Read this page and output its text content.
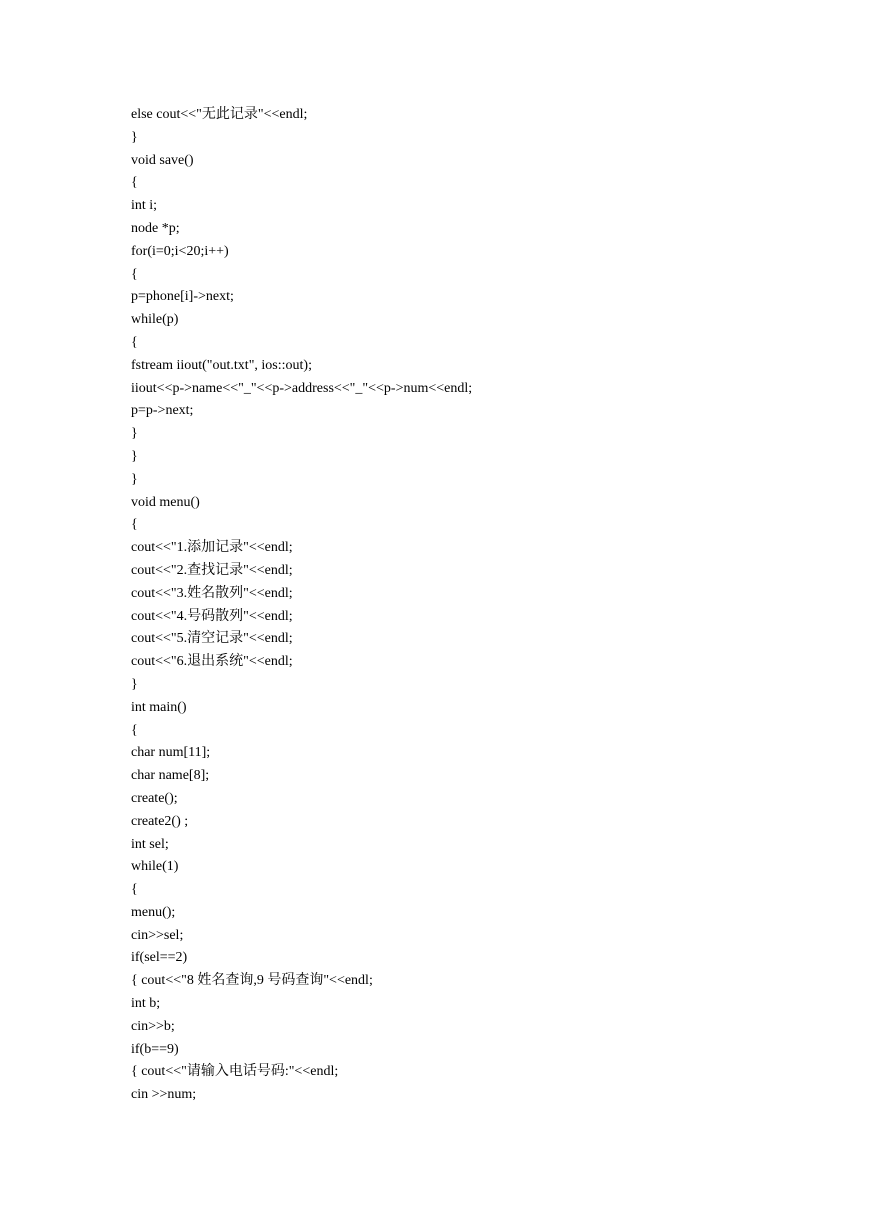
else cout<<"无此记录"<<endl;
}
void save()
{
int i;
node *p;
for(i=0;i<20;i++)
{
p=phone[i]->next;
while(p)
{
fstream iiout("out.txt", ios::out);
iiout<<p->name<<"_"<<p->address<<"_"<<p->num<<endl;
p=p->next;
}
}
}
void menu()
{
cout<<"1.添加记录"<<endl;
cout<<"2.查找记录"<<endl;
cout<<"3.姓名散列"<<endl;
cout<<"4.号码散列"<<endl;
cout<<"5.清空记录"<<endl;
cout<<"6.退出系统"<<endl;
}
int main()
{
char num[11];
char name[8];
create();
create2() ;
int sel;
while(1)
{
menu();
cin>>sel;
if(sel==2)
{ cout<<"8 姓名查询,9 号码查询"<<endl;
int b;
cin>>b;
if(b==9)
{ cout<<"请输入电话号码:"<<endl;
cin >>num;
